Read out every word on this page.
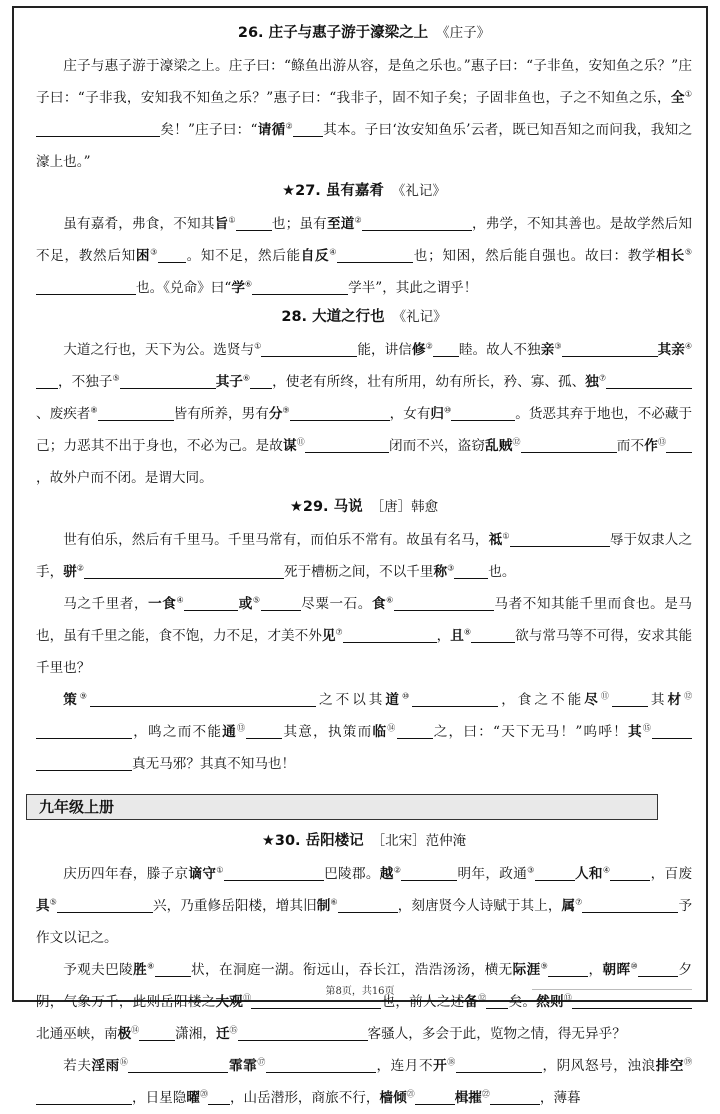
26. 庄子与惠子游于濠梁之上 《庄子》

庄子与惠子游于濠梁之上。庄子曰：“鲦鱼出游从容，是鱼之乐也。”惠子曰：“子非鱼，安知鱼之乐？”庄子曰：“子非我，安知我不知鱼之乐？”惠子曰：“我非子，固不知子矣；子固非鱼也，子之不知鱼之乐，全①矣！”庄子曰：“请循② 其本。子曰‘汝安知鱼乐’云者，既已知吾知之而问我，我知之濠上也。”

★27. 虽有嘉肴 《礼记》

虽有嘉肴，弗食，不知其旨①	也；虽有至道②	，弗学，不知其善也。是故学然后知不足，教然后知困③ 。知不足，然后能自反④	也；知困，然后能自强也。故曰：教学相长⑤也。《兑命》曰“学⑥	学半”，其此之谓乎！

28. 大道之行也 《礼记》

大道之行也，天下为公。选贤与①	能，讲信修② 睦。故人不独亲③	其亲④，不独子⑤	其子⑥ ，使老有所终，壮有所用，幼有所长，矜、寡、孤、独⑦、废疾者⑧	皆有所养，男有分⑨	，女有归⑩	。货恶其弃于地也，不必藏于己；力恶其不出于身也，不必为己。是故谋⑪	闭而不兴，盗窃乱贼⑫	而不作⑬，故外户而不闭。是谓大同。

★29. 马说 ［唐］韩愈

世有伯乐，然后有千里马。千里马常有，而伯乐不常有。故虽有名马，祗①	辱于奴隶人之手，骈②	死于槽枥之间，不以千里称③	也。

马之千里者，一食④	或⑤	尽粟一石。食⑥	马者不知其能千里而食也。是马也，虽有千里之能，食不饱，力不足，才美不外见⑦	，且⑧	欲与常马等不可得，安求其能千里也？

策⑨	之不以其道⑩	，食之不能尽⑪	其材⑫，鸣之而不能通⑬	其意，执策而临⑭	之，曰：“天下无马！”呜呼！其⑮真无马邪？其真不知马也！

九年级上册
★30. 岳阳楼记 ［北宋］范仲淹

庆历四年春，滕子京谪守①	巴陵郡。越②	明年，政通③	人和④	，百废具⑤	兴，乃重修岳阳楼，增其旧制⑥	，刻唐贤今人诗赋于其上，属⑦	予作文以记之。

予观夫巴陵胜⑧	状，在洞庭一湖。衔远山，吞长江，浩浩汤汤，横无际涯⑨	，朝晖⑩	夕阴，气象万千，此则岳阳楼之大观⑪	也，前人之述备⑫ 矣。然则⑬北通巫峡，南极⑭	潇湘，迁⑮	客骚人，多会于此，览物之情，得无异乎？

若夫淫雨⑯	霏霏⑰	，连月不开⑱	，阴风怒号，浊浪排空⑲，日星隐曜⑳ ，山岳潜形，商旅不行，樯倾$^㉑$	楫摧$^㉒$	，薄暮

第8页，共16页
